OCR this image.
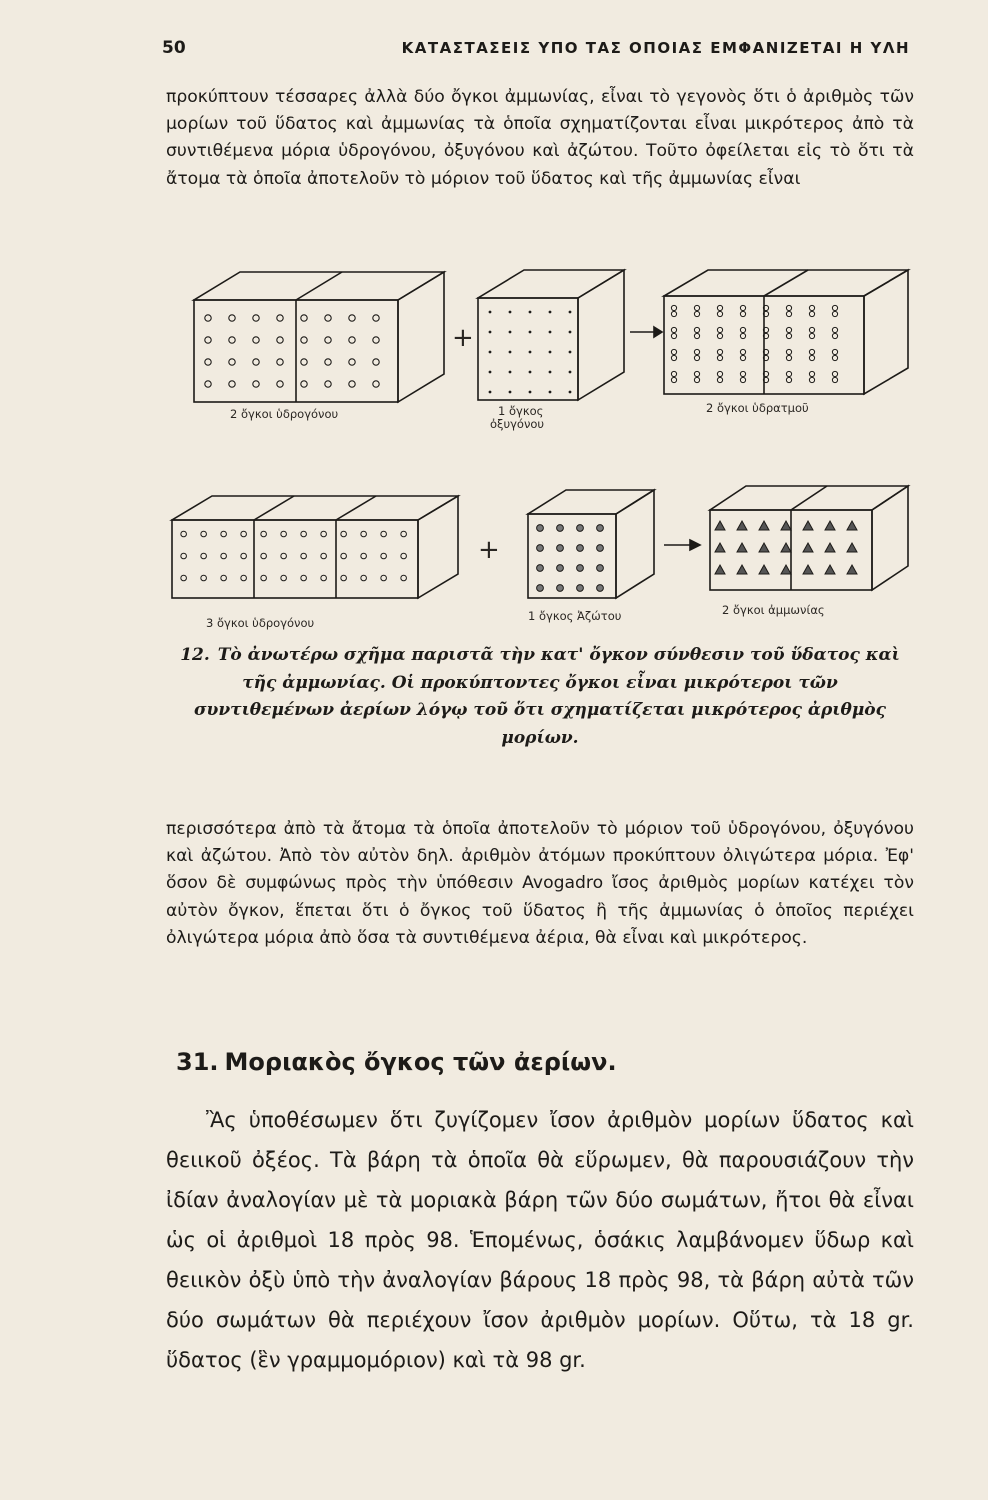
50	ΚΑΤΑΣΤΑΣΕΙΣ ΥΠΟ ΤΑΣ ΟΠΟΙΑΣ ΕΜΦΑΝΙΖΕΤΑΙ Η ΥΛΗ

προκύπτουν τέσσαρες ἀλλὰ δύο ὄγκοι ἀμμωνίας, εἶναι τὸ γεγονὸς ὅτι ὁ ἀριθμὸς τῶν μορίων τοῦ ὕδατος καὶ ἀμμωνίας τὰ ὁποῖα σχηματίζονται εἶναι μικρότερος ἀπὸ τὰ συντιθέμενα μόρια ὑδρογόνου, ὀξυγόνου καὶ ἀζώτου. Τοῦτο ὀφείλεται εἰς τὸ ὅτι τὰ ἄτομα τὰ ὁποῖα ἀποτελοῦν τὸ μόριον τοῦ ὕδατος καὶ τῆς ἀμμωνίας εἶναι

+
+
2 ὄγκοι ὑδρογόνου	1 ὄγκος
ὀξυγόνου
2 ὄγκοι ὑδρατμοῦ
3 ὄγκοι ὑδρογόνου	1 ὄγκος Ἀζώτου	2 ὄγκοι ἀμμωνίας

12. Τὸ ἀνωτέρω σχῆμα παριστᾶ τὴν κατ' ὄγκον σύνθεσιν τοῦ ὕδατος καὶ τῆς ἀμμωνίας. Οἱ προκύπτοντες ὄγκοι εἶναι μικρότεροι τῶν συντιθεμένων ἀερίων λόγῳ τοῦ ὅτι σχηματίζεται μικρότερος ἀριθμὸς μορίων.

περισσότερα ἀπὸ τὰ ἄτομα τὰ ὁποῖα ἀποτελοῦν τὸ μόριον τοῦ ὑδρογόνου, ὀξυγόνου καὶ ἀζώτου. Ἀπὸ τὸν αὐτὸν δηλ. ἀριθμὸν ἀτόμων προκύπτουν ὀλιγώτερα μόρια. Ἐφ' ὅσον δὲ συμφώνως πρὸς τὴν ὑπόθεσιν Avogadro ἴσος ἀριθμὸς μορίων κατέχει τὸν αὐτὸν ὄγκον, ἕπεται ὅτι ὁ ὄγκος τοῦ ὕδατος ἢ τῆς ἀμμωνίας ὁ ὁποῖος περιέχει ὀλιγώτερα μόρια ἀπὸ ὅσα τὰ συντιθέμενα ἀέρια, θὰ εἶναι καὶ μικρότερος.

31. Μοριακὸς ὄγκος τῶν ἀερίων.

Ἂς ὑποθέσωμεν ὅτι ζυγίζομεν ἴσον ἀριθμὸν μορίων ὕδατος καὶ θειικοῦ ὀξέος. Τὰ βάρη τὰ ὁποῖα θὰ εὕρωμεν, θὰ παρουσιάζουν τὴν ἰδίαν ἀναλογίαν μὲ τὰ μοριακὰ βάρη τῶν δύο σωμάτων, ἤτοι θὰ εἶναι ὡς οἱ ἀριθμοὶ 18 πρὸς 98. Ἑπομένως, ὁσάκις λαμβάνομεν ὕδωρ καὶ θειικὸν ὀξὺ ὑπὸ τὴν ἀναλογίαν βάρους 18 πρὸς 98, τὰ βάρη αὐτὰ τῶν δύο σωμάτων θὰ περιέχουν ἴσον ἀριθμὸν μορίων. Οὕτω, τὰ 18 gr. ὕδατος (ἓν γραμμομόριον) καὶ τὰ 98 gr.
